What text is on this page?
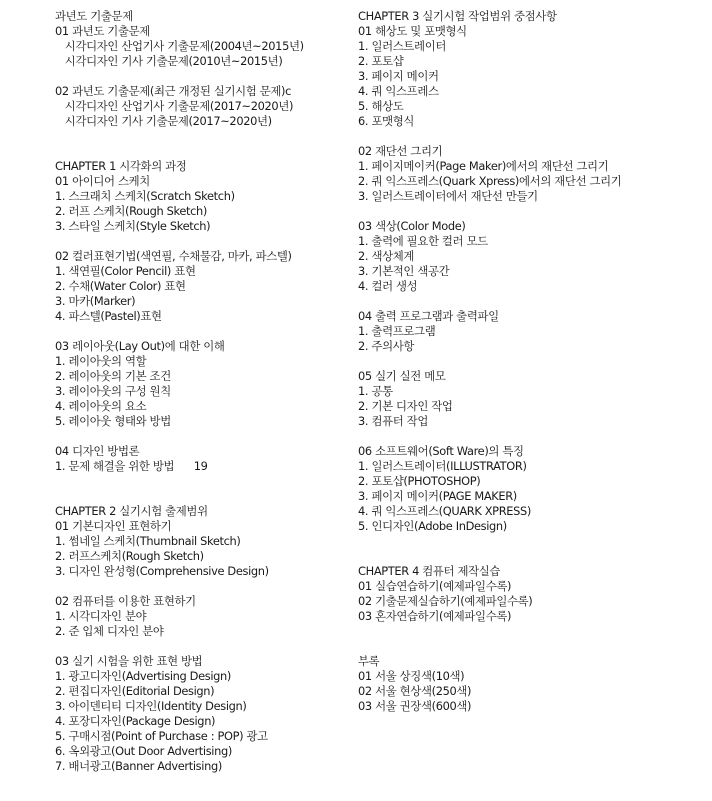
과년도 기출문제
01 과년도 기출문제
시각디자인 산업기사 기출문제(2004년~2015년)
시각디자인 기사 기출문제(2010년~2015년)
02 과년도 기출문제(최근 개정된 실기시험 문제)c
시각디자인 산업기사 기출문제(2017~2020년)
시각디자인 기사 기출문제(2017~2020년)
CHAPTER 1 시각화의 과정
01 아이디어 스케치
1. 스크래치 스케치(Scratch Sketch)
2. 러프 스케치(Rough Sketch)
3. 스타일 스케치(Style Sketch)
02 컬러표현기법(색연필, 수채물감, 마카, 파스텔)
1. 색연필(Color Pencil) 표현
2. 수채(Water Color) 표현
3. 마카(Marker)
4. 파스텔(Pastel)표현
03 레이아웃(Lay Out)에 대한 이해
1. 레이아웃의 역할
2. 레이아웃의 기본 조건
3. 레이아웃의 구성 원칙
4. 레이아웃의 요소
5. 레이아웃 형태와 방법
04 디자인 방법론
1. 문제 해결을 위한 방법      19
CHAPTER 2 실기시험 출제범위
01 기본디자인 표현하기
1. 썸네일 스케치(Thumbnail Sketch)
2. 러프스케치(Rough Sketch)
3. 디자인 완성형(Comprehensive Design)
02 컴퓨터를 이용한 표현하기
1. 시각디자인 분야
2. 준 입체 디자인 분야
03 실기 시험을 위한 표현 방법
1. 광고디자인(Advertising Design)
2. 편집디자인(Editorial Design)
3. 아이덴티티 디자인(Identity Design)
4. 포장디자인(Package Design)
5. 구매시점(Point of Purchase : POP) 광고
6. 옥외광고(Out Door Advertising)
7. 배너광고(Banner Advertising)
CHAPTER 3 실기시험 작업범위 중점사항
01 해상도 및 포맷형식
1. 일러스트레이터
2. 포토샵
3. 페이지 메이커
4. 쿼 익스프레스
5. 해상도
6. 포맷형식
02 재단선 그리기
1. 페이지메이커(Page Maker)에서의 재단선 그리기
2. 쿼 익스프레스(Quark Xpress)에서의 재단선 그리기
3. 일러스트레이터에서 재단선 만들기
03 색상(Color Mode)
1. 출력에 필요한 컬러 모드
2. 색상체계
3. 기본적인 색공간
4. 컬러 생성
04 출력 프로그램과 출력파일
1. 출력프로그램
2. 주의사항
05 실기 실전 메모
1. 공통
2. 기본 디자인 작업
3. 컴퓨터 작업
06 소프트웨어(Soft Ware)의 특징
1. 일러스트레이터(ILLUSTRATOR)
2. 포토샵(PHOTOSHOP)
3. 페이지 메이커(PAGE MAKER)
4. 쿼 익스프레스(QUARK XPRESS)
5. 인디자인(Adobe InDesign)
CHAPTER 4 컴퓨터 제작실습
01 실습연습하기(예제파일수록)
02 기출문제실습하기(예제파일수록)
03 혼자연습하기(예제파일수록)
부록
01 서울 상징색(10색)
02 서울 현상색(250색)
03 서울 권장색(600색)
